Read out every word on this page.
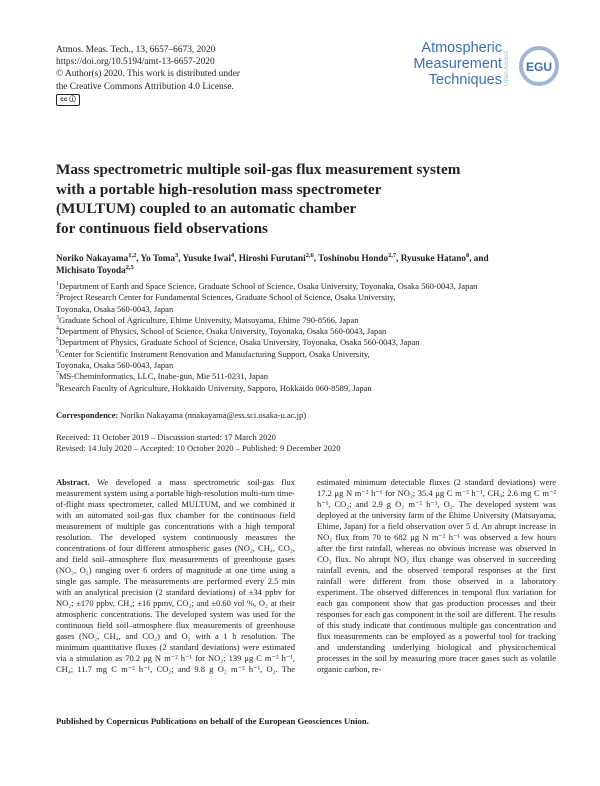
Atmos. Meas. Tech., 13, 6657–6673, 2020
https://doi.org/10.5194/amt-13-6657-2020
© Author(s) 2020. This work is distributed under
the Creative Commons Attribution 4.0 License.
cc ⓘ
Atmospheric
Measurement
Techniques Open Access	EGU
Mass spectrometric multiple soil-gas flux measurement system
with a portable high-resolution mass spectrometer
(MULTUM) coupled to an automatic chamber
for continuous field observations
Noriko Nakayama$^{1,2}$, Yo Toma$^3$, Yusuke Iwai$^4$, Hiroshi Furutani$^{2,6}$, Toshinobu Hondo$^{2,7}$, Ryusuke Hatano$^8$, and
Michisato Toyoda$^{2,5}$
$^1$Department of Earth and Space Science, Graduate School of Science, Osaka University, Toyonaka, Osaka 560-0043, Japan
$^2$Project Research Center for Fundamental Sciences, Graduate School of Science, Osaka University,
Toyonaka, Osaka 560-0043, Japan
$^3$Graduate School of Agriculture, Ehime University, Matsuyama, Ehime 790-8566, Japan
$^4$Department of Physics, School of Science, Osaka University, Toyonaka, Osaka 560-0043, Japan
$^5$Department of Physics, Graduate School of Science, Osaka University, Toyonaka, Osaka 560-0043, Japan
$^6$Center for Scientific Instrument Renovation and Manufacturing Support, Osaka University,
Toyonaka, Osaka 560-0043, Japan
$^7$MS-Cheminformatics, LLC, Inabe-gun, Mie 511-0231, Japan
$^8$Research Faculty of Agriculture, Hokkaido University, Sapporo, Hokkaido 060-8589, Japan
Correspondence: Noriko Nakayama (nnakayama@ess.sci.osaka-u.ac.jp)
Received: 11 October 2019 – Discussion started: 17 March 2020
Revised: 14 July 2020 – Accepted: 10 October 2020 – Published: 9 December 2020
Abstract. We developed a mass spectrometric soil-gas flux measurement system using a portable high-resolution multi-turn time-of-flight mass spectrometer, called MULTUM, and we combined it with an automated soil-gas flux chamber for the continuous field measurement of multiple gas concentrations with a high temporal resolution. The developed system continuously measures the concentrations of four different atmospheric gases (NO₂, CH₄, CO₂, and field soil–atmosphere flux measurements of greenhouse gases (NO₂, O₂) ranging over 6 orders of magnitude at one time using a single gas sample. The measurements are performed every 2.5 min with an analytical precision (2 standard deviations) of ±34 ppbv for NO₂; ±170 ppbv, CH₄; ±16 ppmv, CO₂; and ±0.60 vol %, O₂ at their atmospheric concentrations. The developed system was used for the continuous field soil–atmosphere flux measurements of greenhouse gases (NO₂, CH₄, and CO₂) and O₂ with a 1 h resolution. The minimum quantitative fluxes (2 standard deviations) were estimated via a simulation as 70.2 μg N m⁻² h⁻¹ for NO₂; 139 μg C m⁻² h⁻¹, CH₄; 11.7 mg C m⁻² h⁻¹, CO₂; and 9.8 g O₂ m⁻² h⁻¹, O₂. The estimated minimum detectable fluxes (2 standard deviations) were 17.2 μg N m⁻² h⁻¹ for NO₂; 35.4 μg C m⁻² h⁻¹, CH₄; 2.6 mg C m⁻² h⁻¹, CO₂; and 2.9 g O₂ m⁻² h⁻¹, O₂. The developed system was deployed at the university farm of the Ehime University (Matsuyama, Ehime, Japan) for a field observation over 5 d. An abrupt increase in NO₂ flux from 70 to 682 μg N m⁻² h⁻¹ was observed a few hours after the first rainfall, whereas no obvious increase was observed in CO₂ flux. No abrupt NO₂ flux change was observed in succeeding rainfall events, and the observed temporal responses at the first rainfall were different from those observed in a laboratory experiment. The observed differences in temporal flux variation for each gas component show that gas production processes and their responses for each gas component in the soil are different. The results of this study indicate that continuous multiple gas concentration and flux measurements can be employed as a powerful tool for tracking and understanding underlying biological and physicochemical processes in the soil by measuring more tracer gases such as volatile organic carbon, re-
Published by Copernicus Publications on behalf of the European Geosciences Union.
